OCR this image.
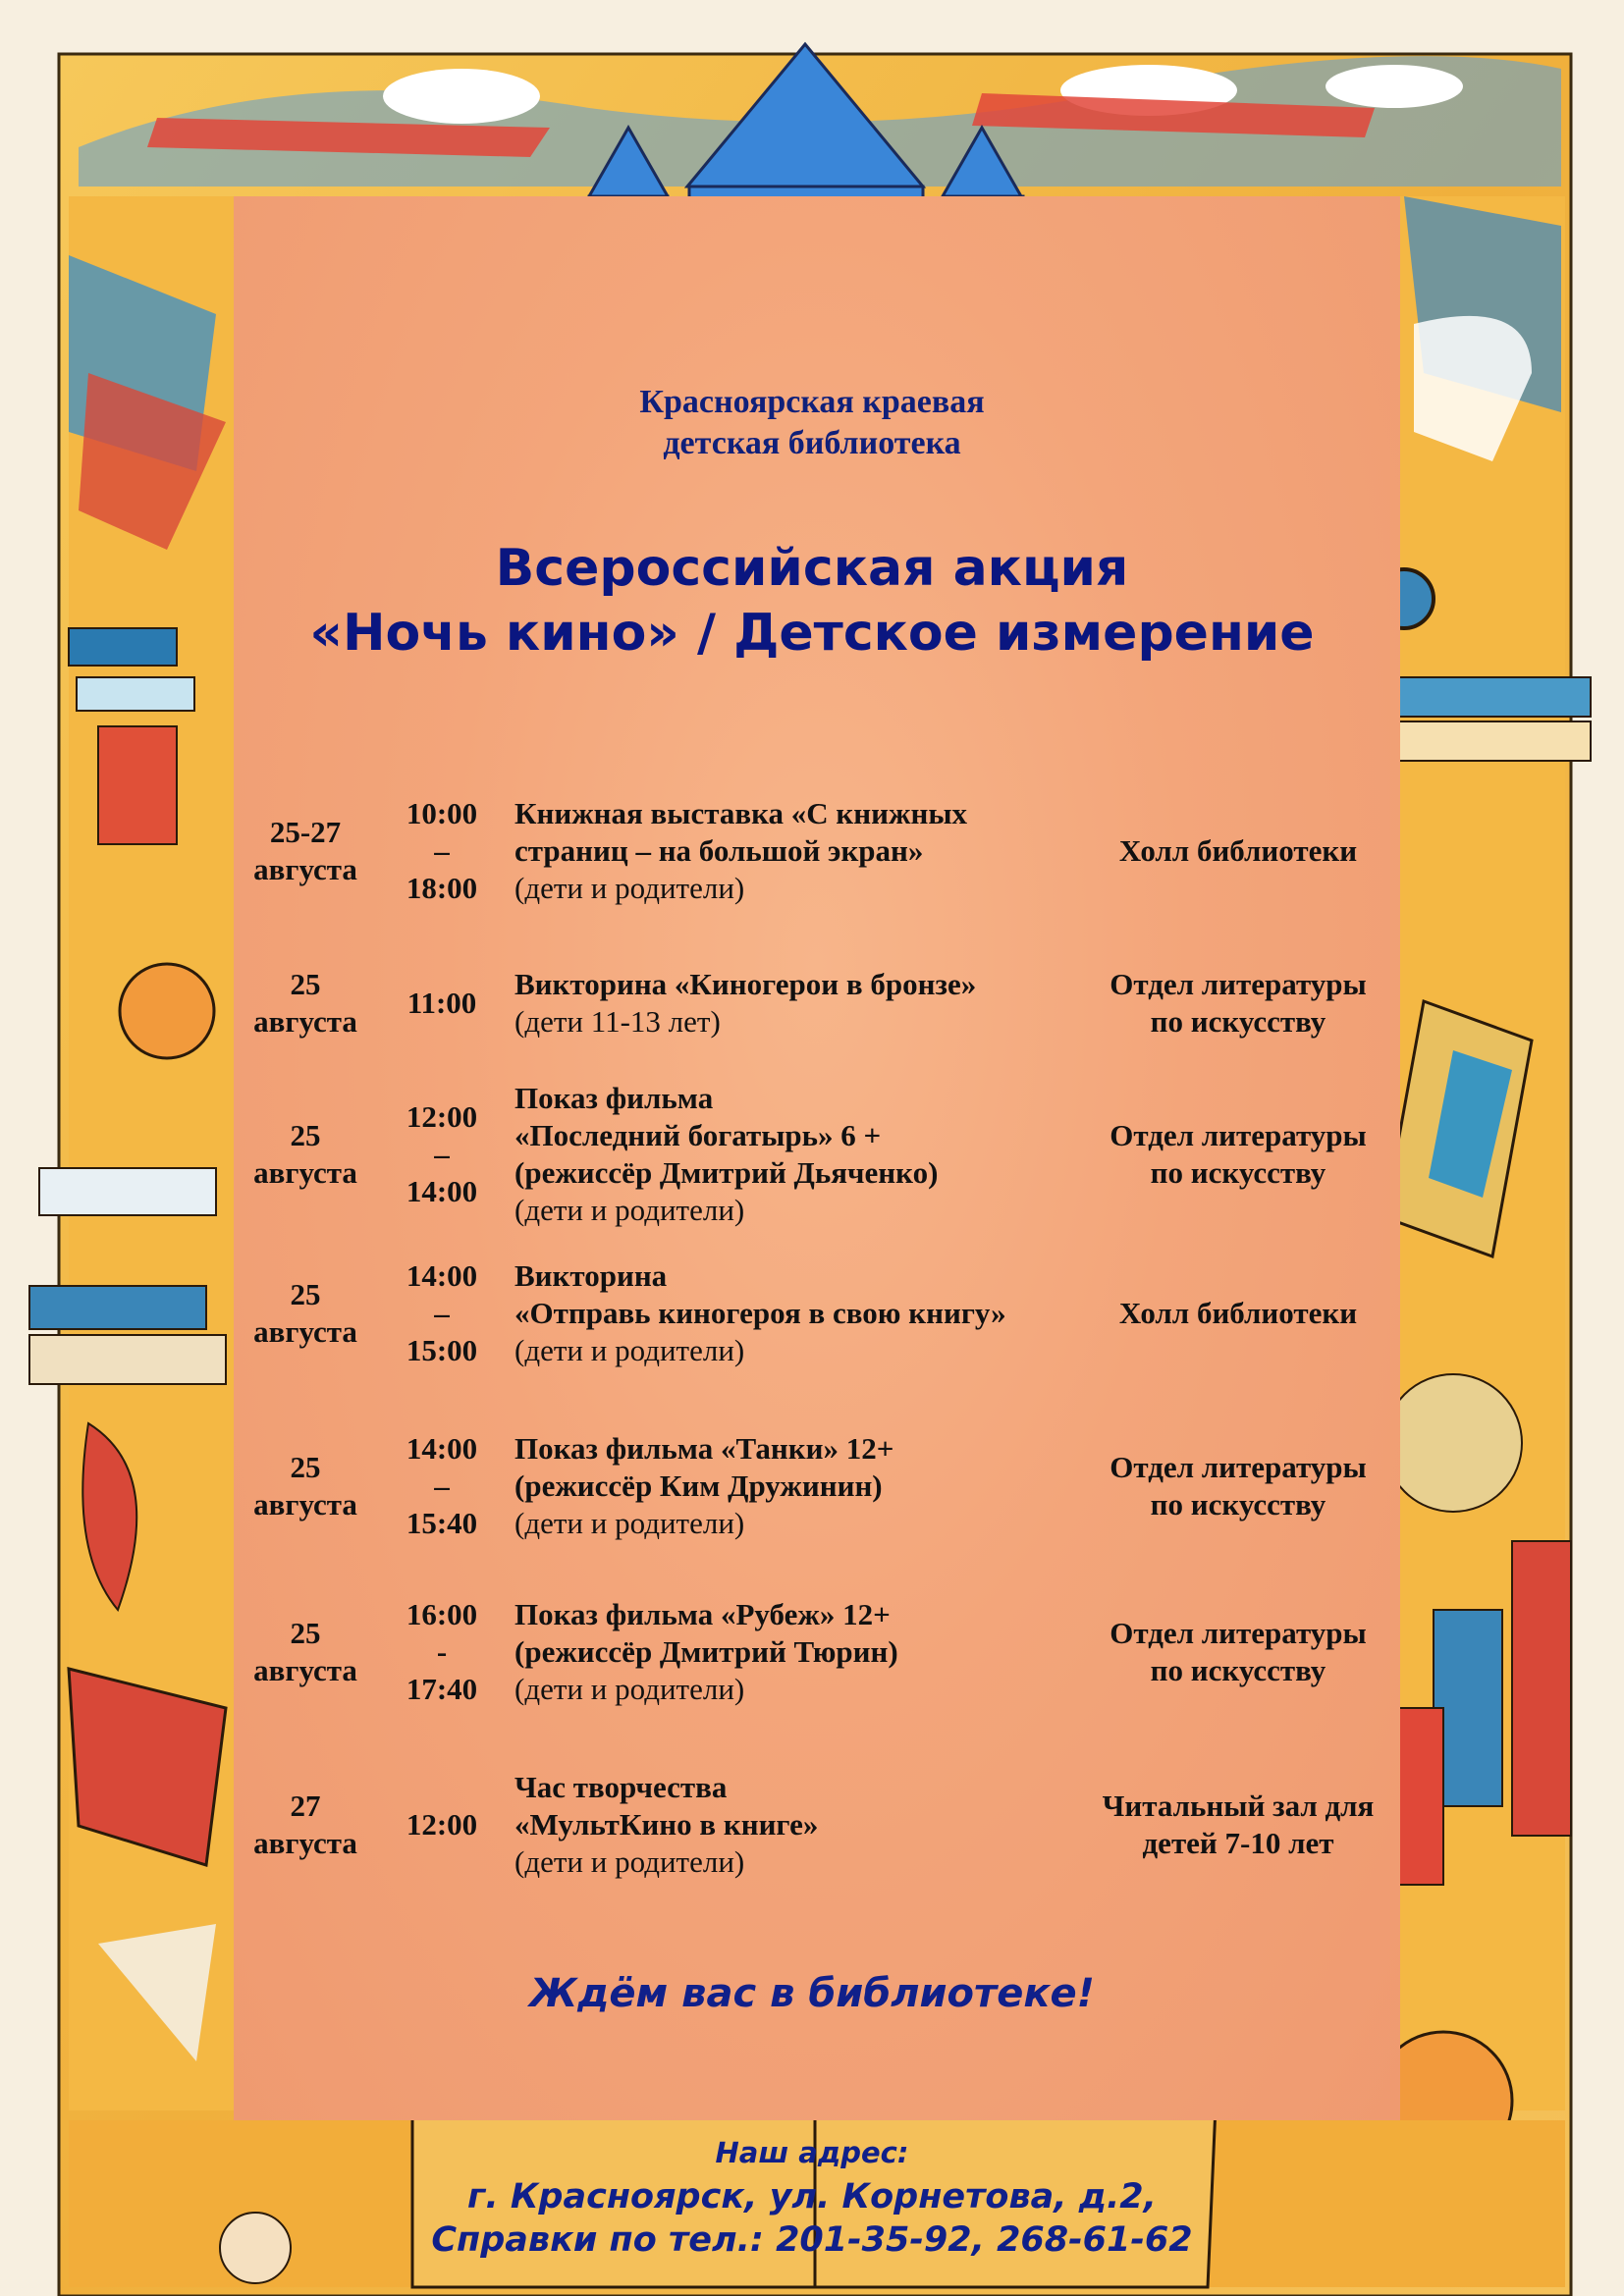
Красноярская краевая
детская библиотека
Всероссийская акция
«Ночь кино» / Детское измерение
25-27
августа
10:00
–
18:00
Книжная выставка «С книжных
страниц – на большой экран»
(дети и родители)
Холл библиотеки
25
августа
11:00
Викторина «Киногерои в бронзе»
(дети 11-13 лет)
Отдел литературы
по искусству
25
августа
12:00
–
14:00
Показ фильма
«Последний богатырь» 6 +
(режиссёр Дмитрий Дьяченко)
(дети и родители)
Отдел литературы
по искусству
25
августа
14:00
–
15:00
Викторина
«Отправь киногероя в свою книгу»
(дети и родители)
Холл библиотеки
25
августа
14:00
–
15:40
Показ фильма «Танки» 12+
(режиссёр Ким Дружинин)
(дети и родители)
Отдел литературы
по искусству
25
августа
16:00
-
17:40
Показ фильма «Рубеж» 12+
(режиссёр Дмитрий Тюрин)
(дети и родители)
Отдел литературы
по искусству
27
августа
12:00
Час творчества
«МультКино в книге»
(дети и родители)
Читальный зал для
детей 7-10 лет
Ждём вас в библиотеке!
Наш адрес:
г. Красноярск, ул. Корнетова, д.2,
Справки по тел.: 201-35-92, 268-61-62
